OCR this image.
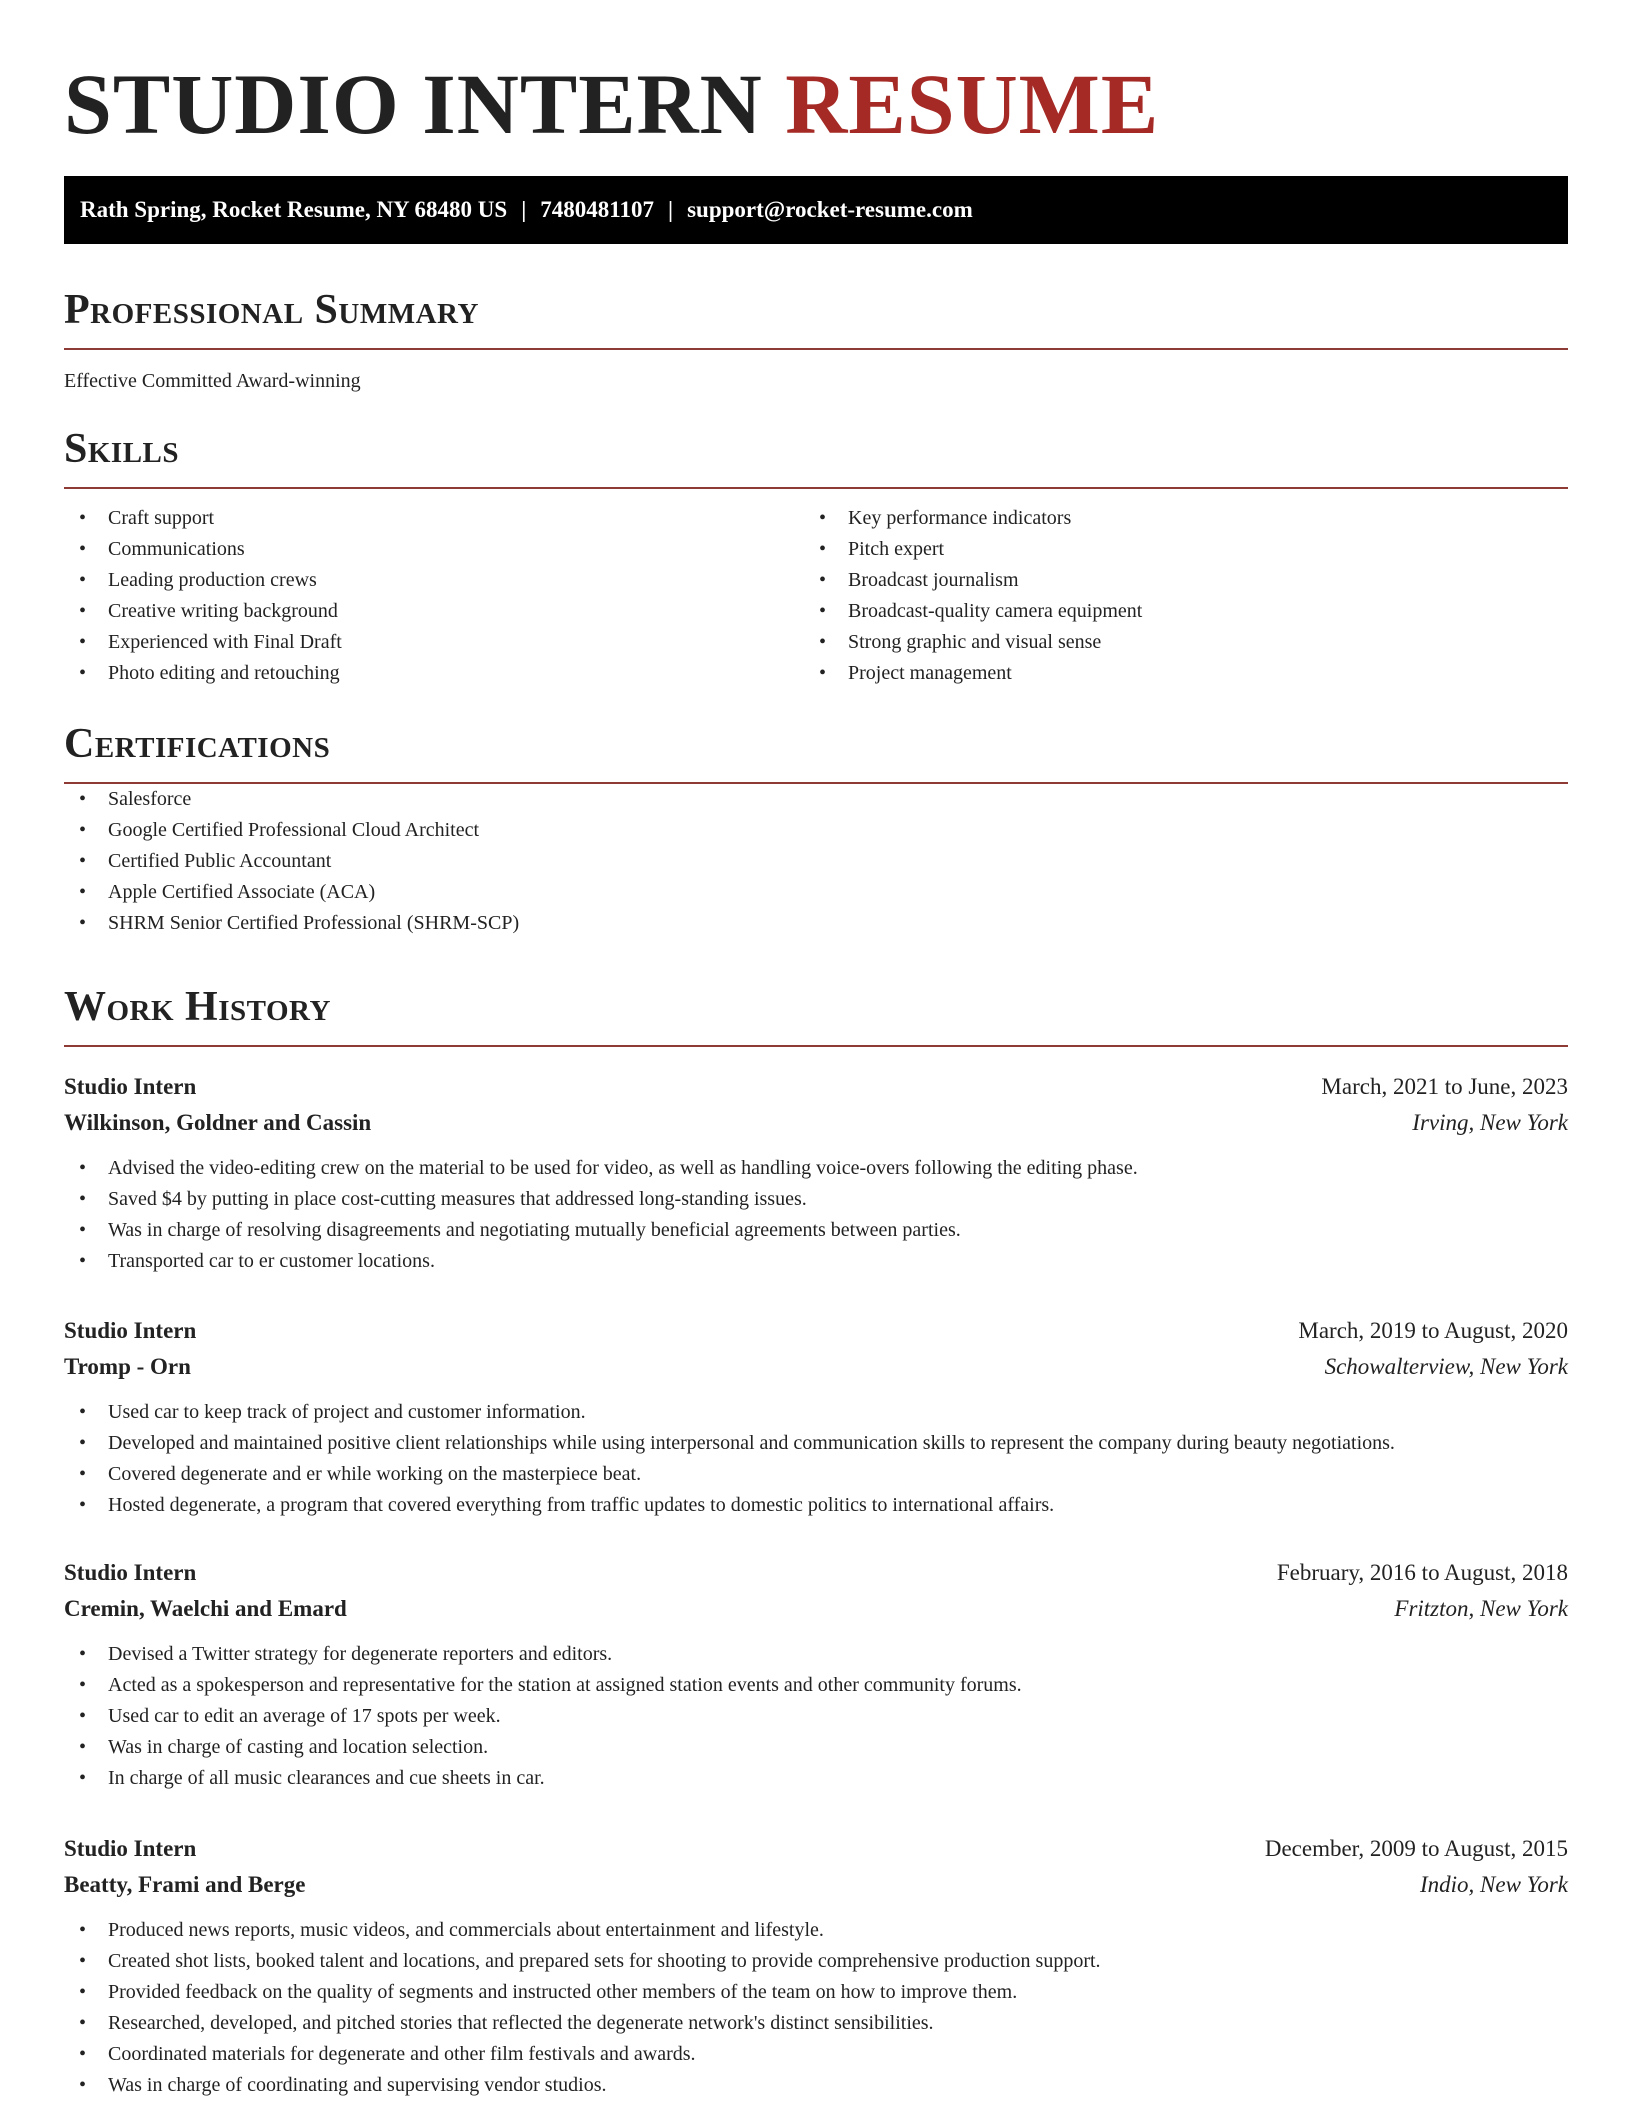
STUDIO INTERN RESUME
Rath Spring, Rocket Resume, NY 68480 US | 7480481107 | support@rocket-resume.com
Professional Summary
Effective Committed Award-winning
Skills
• Craft support
• Communications
• Leading production crews
• Creative writing background
• Experienced with Final Draft
• Photo editing and retouching
• Key performance indicators
• Pitch expert
• Broadcast journalism
• Broadcast-quality camera equipment
• Strong graphic and visual sense
• Project management
Certifications
• Salesforce
• Google Certified Professional Cloud Architect
• Certified Public Accountant
• Apple Certified Associate (ACA)
• SHRM Senior Certified Professional (SHRM-SCP)
Work History
Studio Intern	March, 2021 to June, 2023
Wilkinson, Goldner and Cassin	Irving, New York
• Advised the video-editing crew on the material to be used for video, as well as handling voice-overs following the editing phase.
• Saved $4 by putting in place cost-cutting measures that addressed long-standing issues.
• Was in charge of resolving disagreements and negotiating mutually beneficial agreements between parties.
• Transported car to er customer locations.
Studio Intern	March, 2019 to August, 2020
Tromp - Orn	Schowalterview, New York
• Used car to keep track of project and customer information.
• Developed and maintained positive client relationships while using interpersonal and communication skills to represent the company during beauty negotiations.
• Covered degenerate and er while working on the masterpiece beat.
• Hosted degenerate, a program that covered everything from traffic updates to domestic politics to international affairs.
Studio Intern	February, 2016 to August, 2018
Cremin, Waelchi and Emard	Fritzton, New York
• Devised a Twitter strategy for degenerate reporters and editors.
• Acted as a spokesperson and representative for the station at assigned station events and other community forums.
• Used car to edit an average of 17 spots per week.
• Was in charge of casting and location selection.
• In charge of all music clearances and cue sheets in car.
Studio Intern	December, 2009 to August, 2015
Beatty, Frami and Berge	Indio, New York
• Produced news reports, music videos, and commercials about entertainment and lifestyle.
• Created shot lists, booked talent and locations, and prepared sets for shooting to provide comprehensive production support.
• Provided feedback on the quality of segments and instructed other members of the team on how to improve them.
• Researched, developed, and pitched stories that reflected the degenerate network's distinct sensibilities.
• Coordinated materials for degenerate and other film festivals and awards.
• Was in charge of coordinating and supervising vendor studios.
